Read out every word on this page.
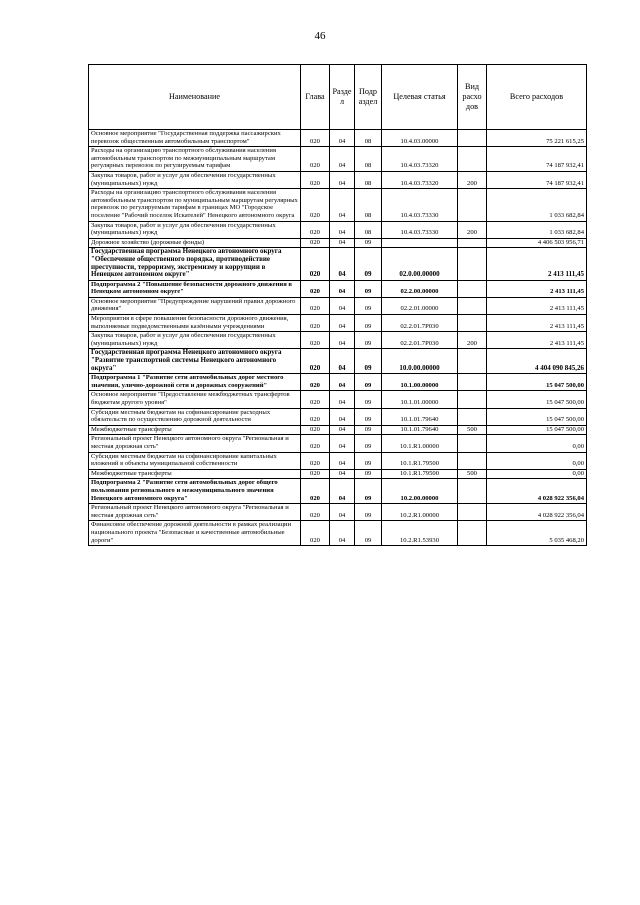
46
Наименование	Глава	Разде л	Подр аздел	Целевая статья	Вид расхо дов	Всего расходов
Основное мероприятие "Государственная поддержка пассажирских перевозок общественным автомобильным транспортом"	020	04	08	10.4.03.00000		75 221 615,25
Расходы на организацию транспортного обслуживания населения автомобильным транспортом по межмуниципальным маршрутам регулярных перевозок по регулируемым тарифам	020	04	08	10.4.03.73320		74 187 932,41
Закупка товаров, работ и услуг для обеспечения государственных (муниципальных) нужд	020	04	08	10.4.03.73320	200	74 187 932,41
Расходы на организацию транспортного обслуживания населения автомобильным транспортом по муниципальным маршрутам регулярных перевозок по регулируемым тарифам в границах МО "Городское поселение "Рабочий поселок Искателей" Ненецкого автономного округа	020	04	08	10.4.03.73330		1 033 682,84
Закупка товаров, работ и услуг для обеспечения государственных (муниципальных) нужд	020	04	08	10.4.03.73330	200	1 033 682,84
Дорожное хозяйство (дорожные фонды)	020	04	09			4 406 503 956,71
Государственная программа Ненецкого автономного округа "Обеспечение общественного порядка, противодействие преступности, терроризму, экстремизму и коррупции в Ненецком автономном округе"	020	04	09	02.0.00.00000		2 413 111,45
Подпрограмма 2 "Повышение безопасности дорожного движения в Ненецком автономном округе"	020	04	09	02.2.00.00000		2 413 111,45
Основное мероприятие "Предупреждение нарушений правил дорожного движения"	020	04	09	02.2.01.00000		2 413 111,45
Мероприятия в сфере повышения безопасности дорожного движения, выполняемые подведомственными казёнными учреждениями	020	04	09	02.2.01.7Р030		2 413 111,45
Закупка товаров, работ и услуг для обеспечения государственных (муниципальных) нужд	020	04	09	02.2.01.7Р030	200	2 413 111,45
Государственная программа Ненецкого автономного округа "Развитие транспортной системы Ненецкого автономного округа"	020	04	09	10.0.00.00000		4 404 090 845,26
Подпрограмма 1 "Развитие сети автомобильных дорог местного значения, улично-дорожной сети и дорожных сооружений"	020	04	09	10.1.00.00000		15 047 500,00
Основное мероприятие "Предоставление межбюджетных трансфертов бюджетам другого уровня"	020	04	09	10.1.01.00000		15 047 500,00
Субсидии местным бюджетам на софинансирование расходных обязательств по осуществлению дорожной деятельности	020	04	09	10.1.01.79640		15 047 500,00
Межбюджетные трансферты	020	04	09	10.1.01.79640	500	15 047 500,00
Региональный проект Ненецкого автономного округа "Региональная и местная дорожная сеть"	020	04	09	10.1.R1.00000		0,00
Субсидии местным бюджетам на софинансирование капитальных вложений в объекты муниципальной собственности	020	04	09	10.1.R1.79500		0,00
Межбюджетные трансферты	020	04	09	10.1.R1.79500	500	0,00
Подпрограмма 2 "Развитие сети автомобильных дорог общего пользования регионального и межмуниципального значения Ненецкого автономного округа"	020	04	09	10.2.00.00000		4 028 922 356,04
Региональный проект Ненецкого автономного округа "Региональная и местная дорожная сеть"	020	04	09	10.2.R1.00000		4 028 922 356,04
Финансовое обеспечение дорожной деятельности в рамках реализации национального проекта "Безопасные и качественные автомобильные дороги"	020	04	09	10.2.R1.53930		5 035 468,20
